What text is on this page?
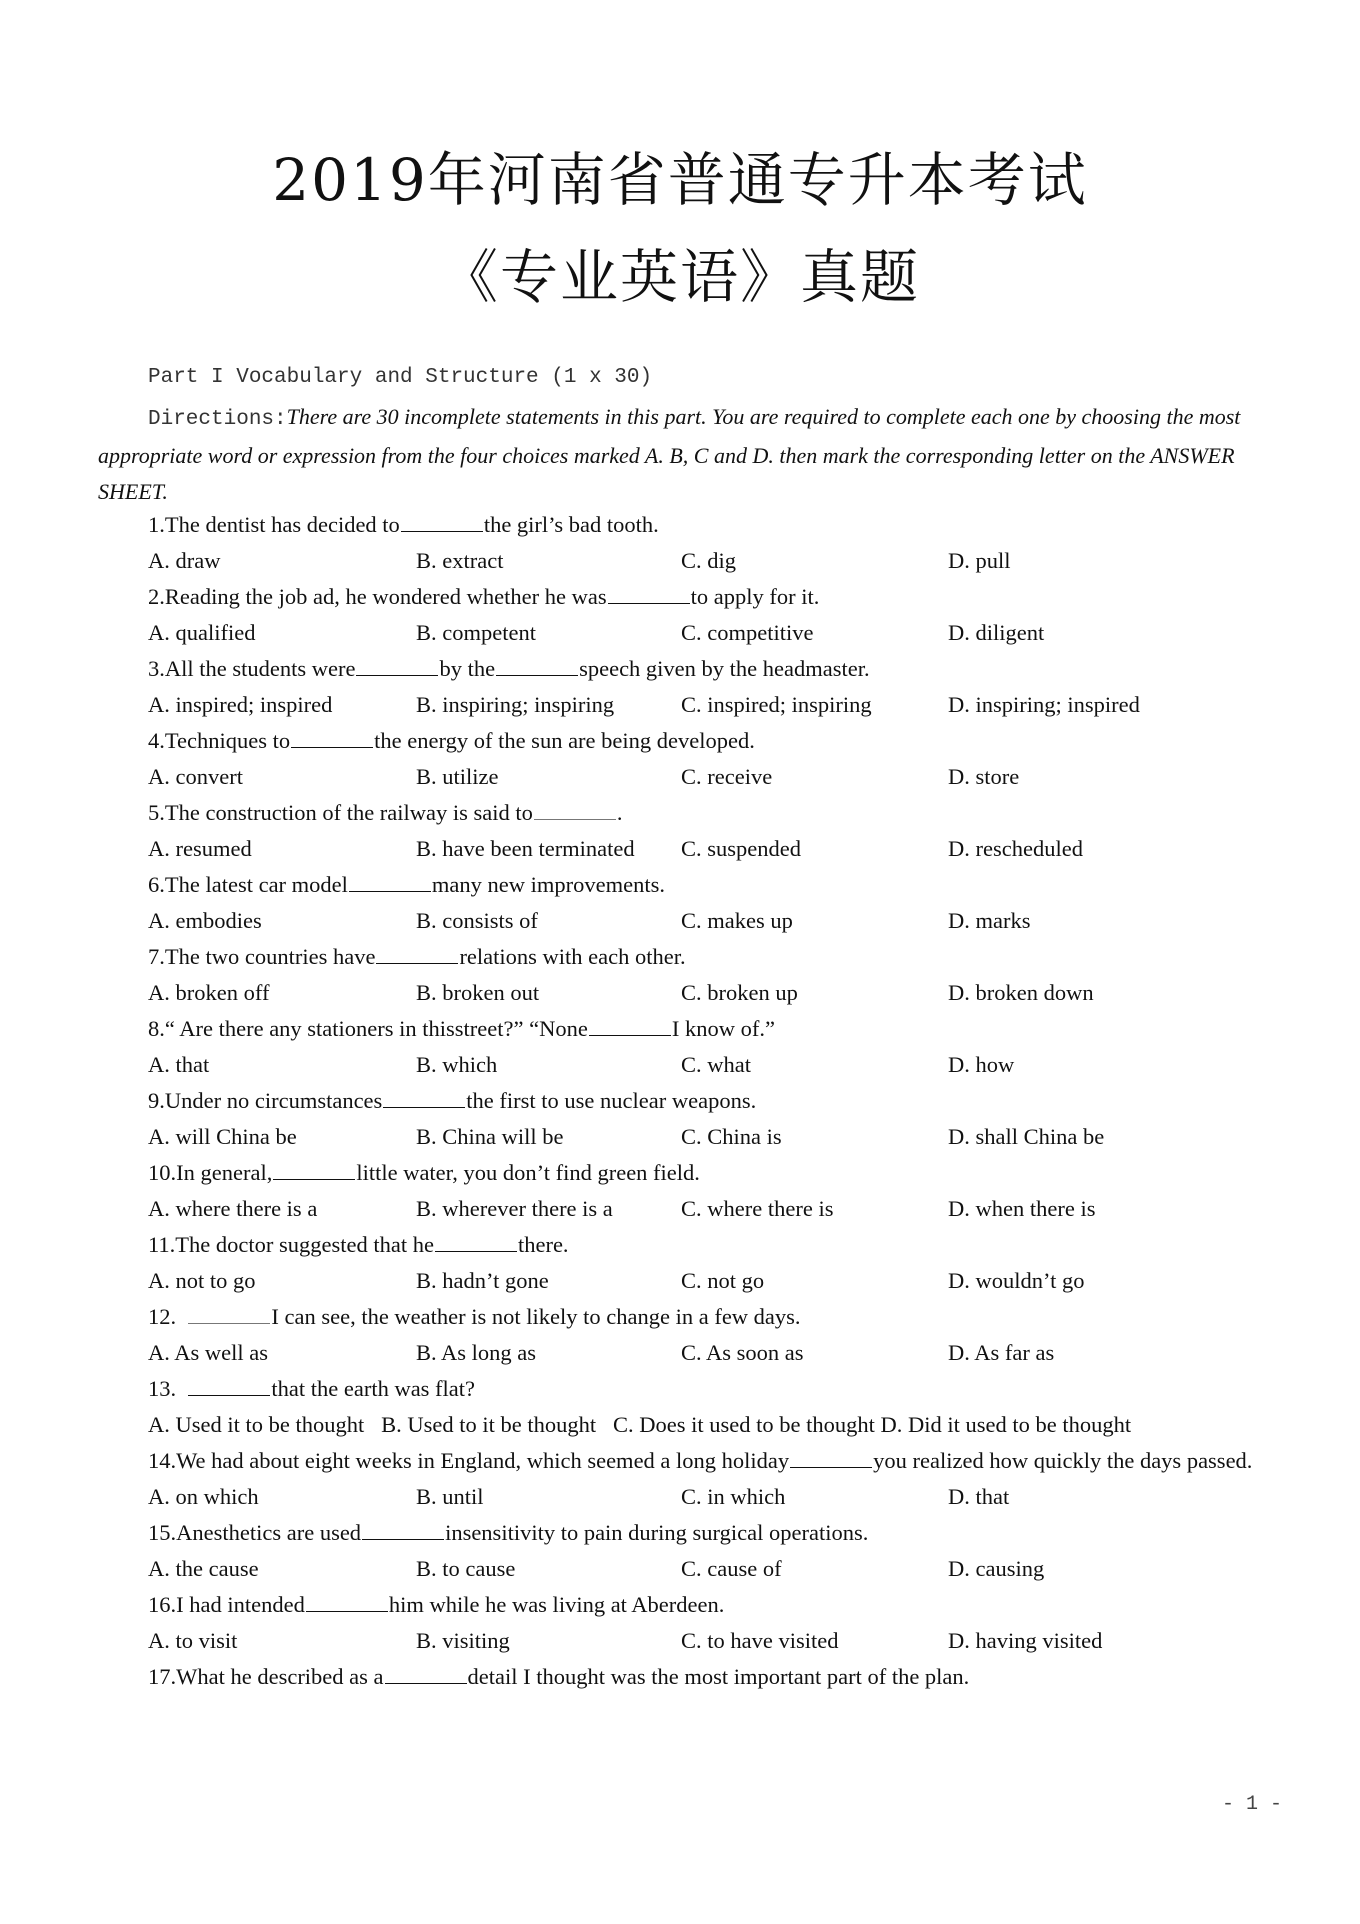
2019年河南省普通专升本考试
《专业英语》真题
Part I Vocabulary and Structure (1 x 30)
Directions:There are 30 incomplete statements in this part. You are required to complete each one by choosing the most appropriate word or expression from the four choices marked A. B, C and D. then mark the corresponding letter on the ANSWER SHEET.
1.The dentist has decided to	the girl’s bad tooth.
A. draw	B. extract	C. dig	D. pull
2.Reading the job ad, he wondered whether he was	to apply for it.
A. qualified	B. competent	C. competitive	D. diligent
3.All the students were	by the	speech given by the headmaster.
A. inspired; inspired	B. inspiring; inspiring	C. inspired; inspiring	D. inspiring; inspired
4.Techniques to	the energy of the sun are being developed.
A. convert	B. utilize	C. receive	D. store
5.The construction of the railway is said to	.
A. resumed	B. have been terminated C. suspended	D. rescheduled
6.The latest car model	many new improvements.
A. embodies	B. consists of	C. makes up	D. marks
7.The two countries have	relations with each other.
A. broken off	B. broken out	C. broken up	D. broken down
8.“ Are there any stationers in thisstreet?” “None	I know of.”
A. that	B. which	C. what	D. how
9.Under no circumstances	the first to use nuclear weapons.
A. will China be	B. China will be	C. China is	D. shall China be
10.In general,	little water, you don’t find green field.
A. where there is a	B. wherever there is a	C. where there is	D. when there is
11.The doctor suggested that he	there.
A. not to go	B. hadn’t gone	C. not go	D. wouldn’t go
12.	I can see, the weather is not likely to change in a few days.
A. As well as	B. As long as	C. As soon as	D. As far as
13.	that the earth was flat?
A. Used it to be thought B. Used to it be thought C. Does it used to be thought D. Did it used to be thought
14.We had about eight weeks in England, which seemed a long holiday	you realized how quickly the days passed.
A. on which	B. until	C. in which	D. that
15.Anesthetics are used	insensitivity to pain during surgical operations.
A. the cause	B. to cause	C. cause of	D. causing
16.I had intended	him while he was living at Aberdeen.
A. to visit	B. visiting	C. to have visited	D. having visited
17.What he described as a	detail I thought was the most important part of the plan.
- 1 -
